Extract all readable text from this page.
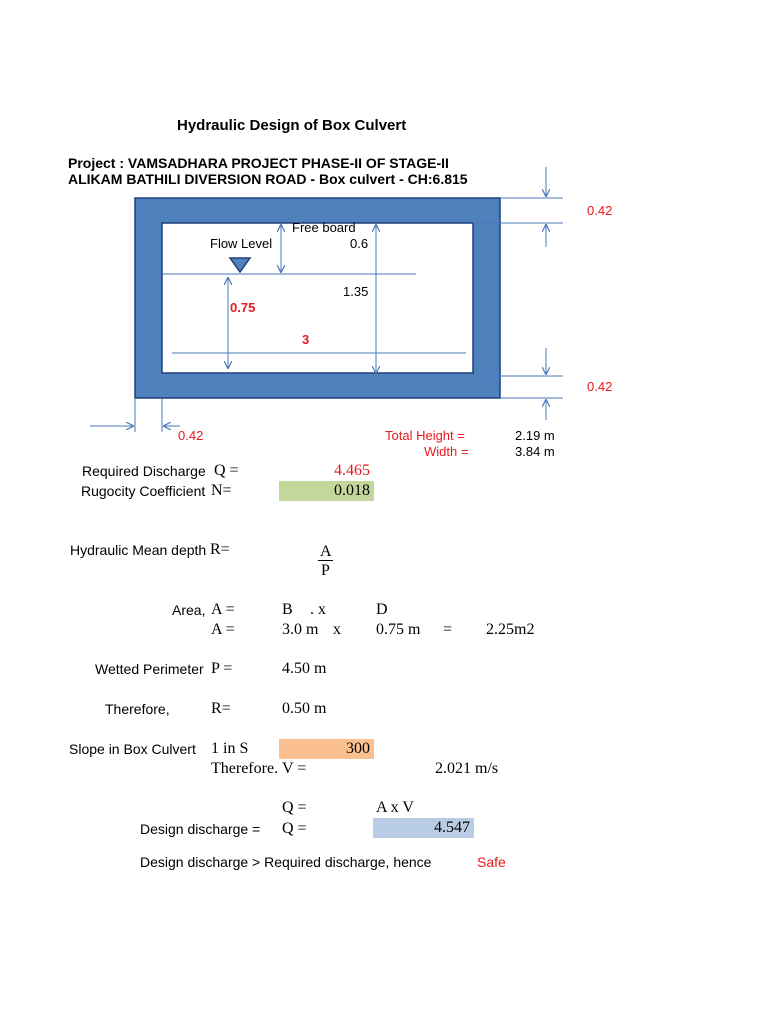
Hydraulic Design of Box Culvert
Project : VAMSADHARA PROJECT PHASE-II OF STAGE-II
ALIKAM BATHILI DIVERSION ROAD - Box culvert - CH:6.815
Free board
0.6
Flow Level
1.35
0.75
3
0.42
0.42
0.42	Total Height =	2.19 m
Width =	3.84 m
Required Discharge Q =	4.465
Rugocity Coefficient N=	0.018
Hydraulic Mean depth R=	A
P
Area, A =	B . x	D
A =	3.0 m x 0.75 m = 2.25m2
Wetted Perimeter P =	4.50 m
Therefore,	R=	0.50 m
Slope in Box Culvert 1 in S	300
Therefore. V =	2.021 m/s
Q =	A x V
Design discharge = Q =	4.547
Design discharge > Required discharge, hence	Safe
